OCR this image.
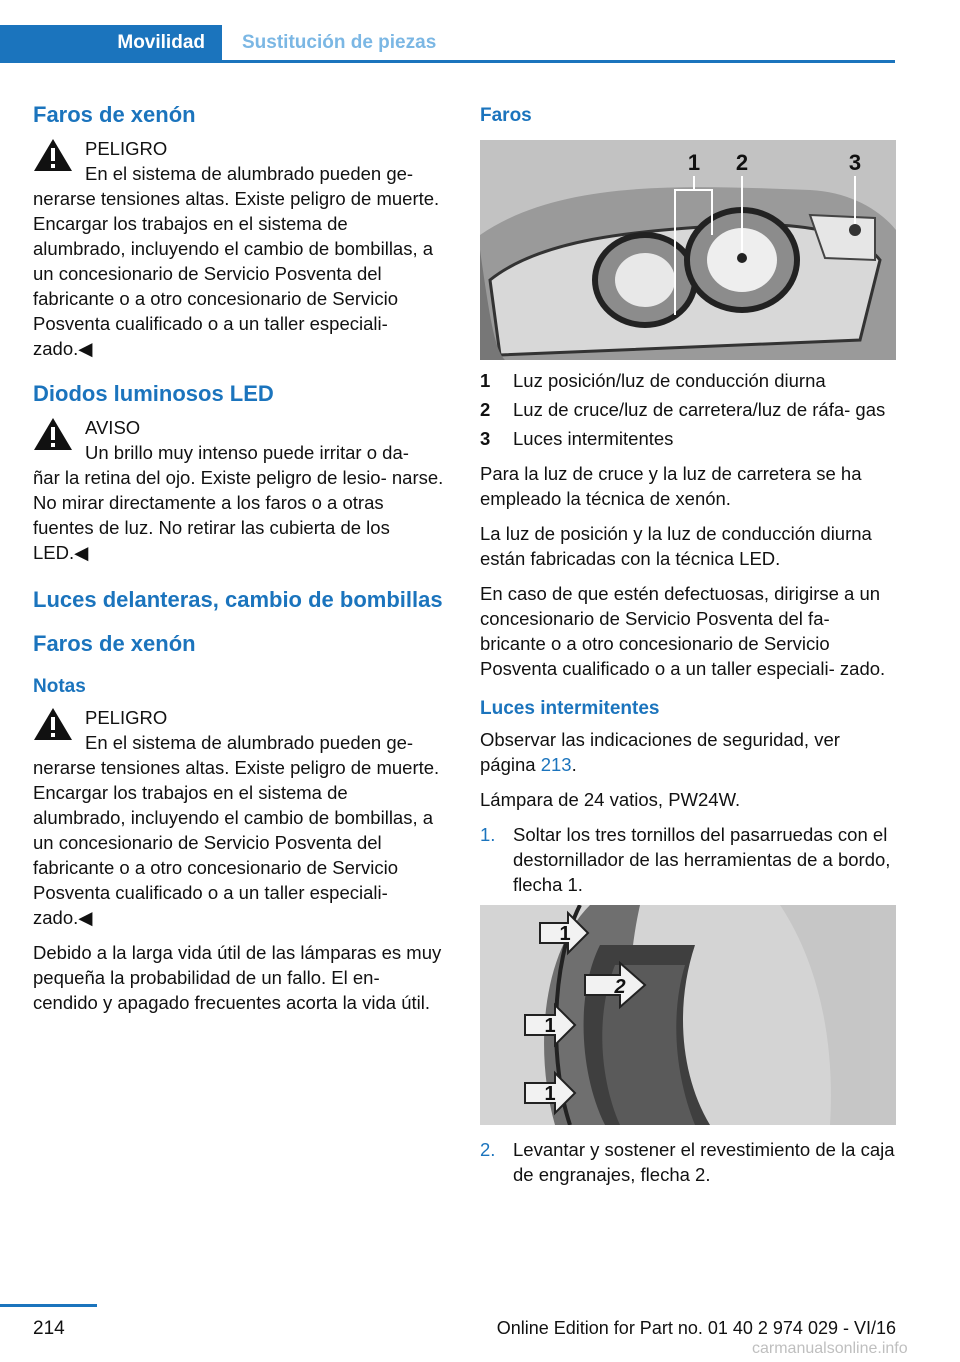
Movilidad	Sustitución de piezas
Faros de xenón
PELIGRO
En el sistema de alumbrado pueden ge‐
nerarse tensiones altas. Existe peligro de muerte. Encargar los trabajos en el sistema de alumbrado, incluyendo el cambio de bombillas, a un concesionario de Servicio Posventa del fabricante o a otro concesionario de Servicio Posventa cualificado o a un taller especiali‐ zado.◀
Diodos luminosos LED
AVISO
Un brillo muy intenso puede irritar o da‐
ñar la retina del ojo. Existe peligro de lesio‐ narse. No mirar directamente a los faros o a otras fuentes de luz. No retirar las cubierta de los LED.◀
Luces delanteras, cambio de bombillas
Faros de xenón
Notas
PELIGRO
En el sistema de alumbrado pueden ge‐
nerarse tensiones altas. Existe peligro de muerte. Encargar los trabajos en el sistema de alumbrado, incluyendo el cambio de bombillas, a un concesionario de Servicio Posventa del fabricante o a otro concesionario de Servicio Posventa cualificado o a un taller especiali‐ zado.◀
Debido a la larga vida útil de las lámparas es muy pequeña la probabilidad de un fallo. El en‐ cendido y apagado frecuentes acorta la vida útil.
Faros
1 2	3
1	Luz posición/luz de conducción diurna
2	Luz de cruce/luz de carretera/luz de ráfa‐ gas
3	Luces intermitentes
Para la luz de cruce y la luz de carretera se ha empleado la técnica de xenón.
La luz de posición y la luz de conducción diurna están fabricadas con la técnica LED.
En caso de que estén defectuosas, dirigirse a un concesionario de Servicio Posventa del fa‐ bricante o a otro concesionario de Servicio Posventa cualificado o a un taller especiali‐ zado.
Luces intermitentes
Observar las indicaciones de seguridad, ver página 213.
Lámpara de 24 vatios, PW24W.
1. Soltar los tres tornillos del pasarruedas con el destornillador de las herramientas de a bordo, flecha 1.
1
2
1
1
2. Levantar y sostener el revestimiento de la caja de engranajes, flecha 2.
214	Online Edition for Part no. 01 40 2 974 029 - VI/16
carmanualsonline.info
